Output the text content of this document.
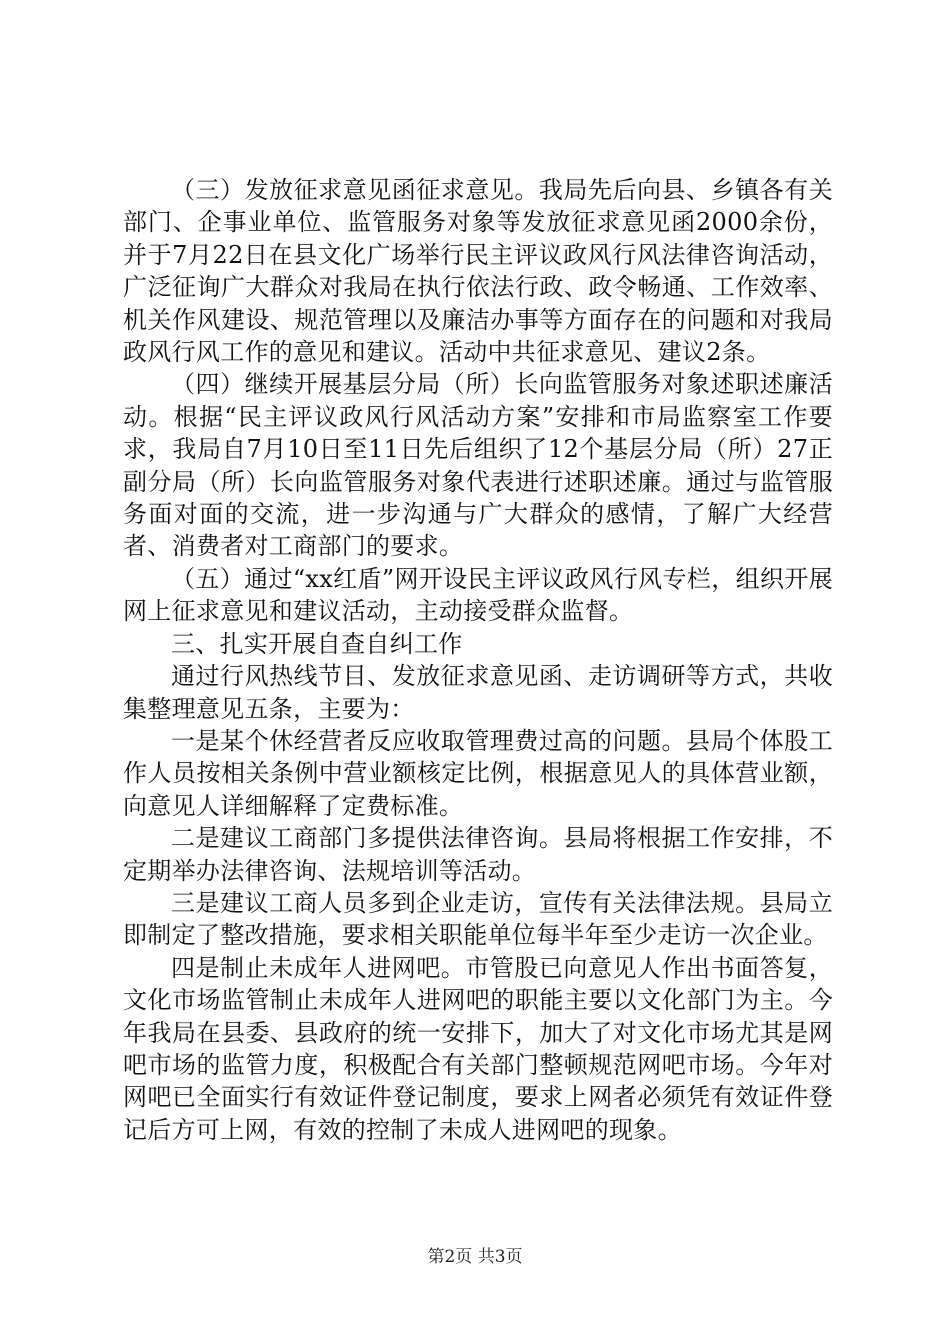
（三）发放征求意见函征求意见。我局先后向县、乡镇各有关部门、企事业单位、监管服务对象等发放征求意见函2000余份，并于7月22日在县文化广场举行民主评议政风行风法律咨询活动，广泛征询广大群众对我局在执行依法行政、政令畅通、工作效率、机关作风建设、规范管理以及廉洁办事等方面存在的问题和对我局政风行风工作的意见和建议。活动中共征求意见、建议2条。

（四）继续开展基层分局（所）长向监管服务对象述职述廉活动。根据“民主评议政风行风活动方案”安排和市局监察室工作要求，我局自7月10日至11日先后组织了12个基层分局（所）27正副分局（所）长向监管服务对象代表进行述职述廉。通过与监管服务面对面的交流，进一步沟通与广大群众的感情，了解广大经营者、消费者对工商部门的要求。

（五）通过“xx红盾”网开设民主评议政风行风专栏，组织开展网上征求意见和建议活动，主动接受群众监督。

三、扎实开展自查自纠工作

通过行风热线节目、发放征求意见函、走访调研等方式，共收集整理意见五条，主要为：

一是某个休经营者反应收取管理费过高的问题。县局个体股工作人员按相关条例中营业额核定比例，根据意见人的具体营业额，向意见人详细解释了定费标准。

二是建议工商部门多提供法律咨询。县局将根据工作安排，不定期举办法律咨询、法规培训等活动。

三是建议工商人员多到企业走访，宣传有关法律法规。县局立即制定了整改措施，要求相关职能单位每半年至少走访一次企业。

四是制止未成年人进网吧。市管股已向意见人作出书面答复，文化市场监管制止未成年人进网吧的职能主要以文化部门为主。今年我局在县委、县政府的统一安排下，加大了对文化市场尤其是网吧市场的监管力度，积极配合有关部门整顿规范网吧市场。今年对网吧已全面实行有效证件登记制度，要求上网者必须凭有效证件登记后方可上网，有效的控制了未成人进网吧的现象。

第2页 共3页
